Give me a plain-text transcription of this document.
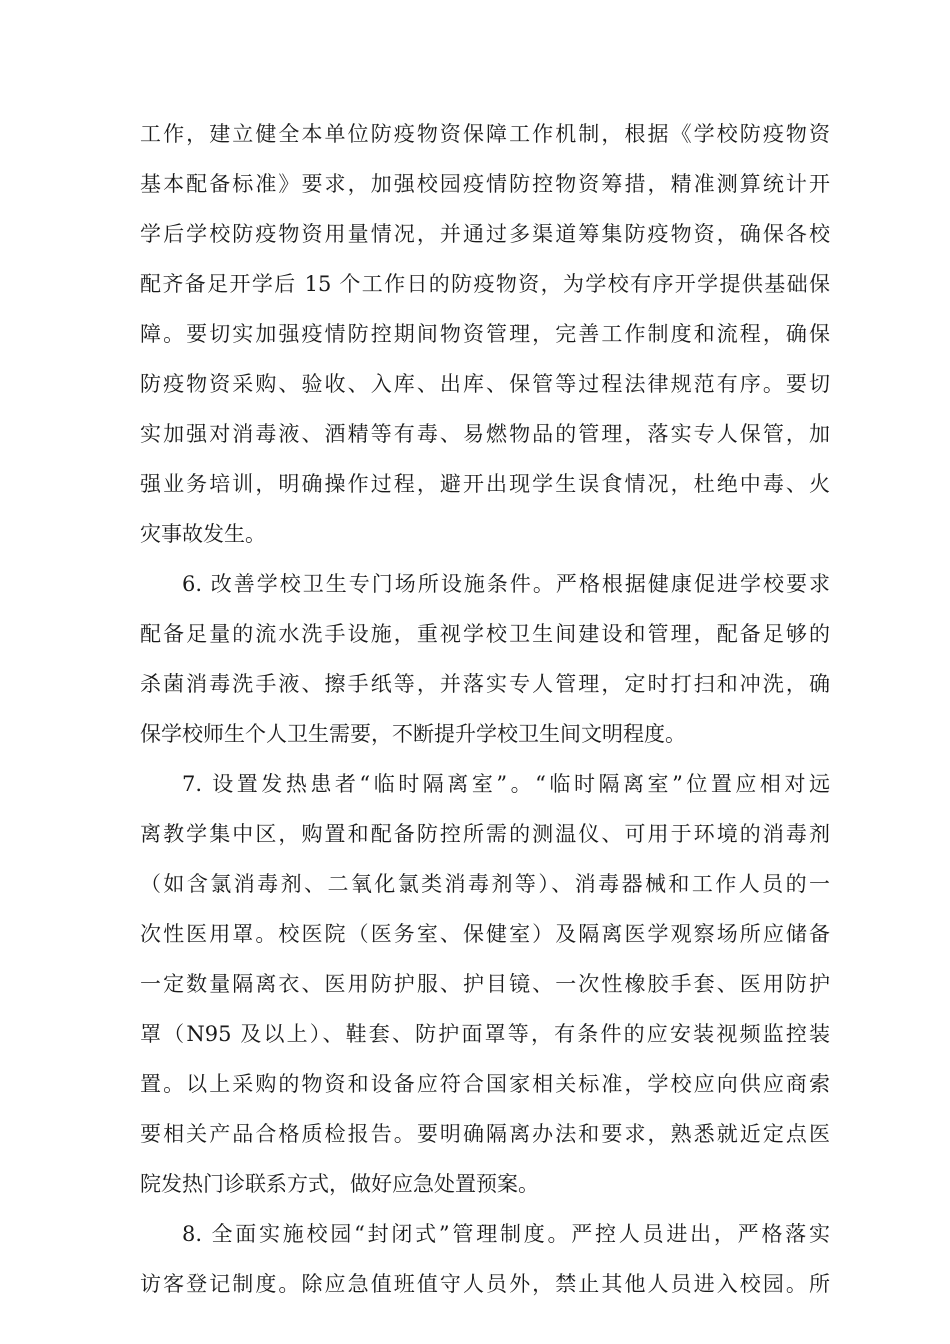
工作，建立健全本单位防疫物资保障工作机制，根据《学校防疫物资
基本配备标准》要求，加强校园疫情防控物资筹措，精准测算统计开
学后学校防疫物资用量情况，并通过多渠道筹集防疫物资，确保各校
配齐备足开学后 15 个工作日的防疫物资，为学校有序开学提供基础保
障。要切实加强疫情防控期间物资管理，完善工作制度和流程，确保
防疫物资采购、验收、入库、出库、保管等过程法律规范有序。要切
实加强对消毒液、酒精等有毒、易燃物品的管理，落实专人保管，加
强业务培训，明确操作过程，避开出现学生误食情况，杜绝中毒、火
灾事故发生。
6. 改善学校卫生专门场所设施条件。严格根据健康促进学校要求
配备足量的流水洗手设施，重视学校卫生间建设和管理，配备足够的
杀菌消毒洗手液、擦手纸等，并落实专人管理，定时打扫和冲洗，确
保学校师生个人卫生需要，不断提升学校卫生间文明程度。
7. 设置发热患者“临时隔离室”。“临时隔离室”位置应相对远
离教学集中区，购置和配备防控所需的测温仪、可用于环境的消毒剂
（如含氯消毒剂、二氧化氯类消毒剂等）、消毒器械和工作人员的一
次性医用罩。校医院（医务室、保健室）及隔离医学观察场所应储备
一定数量隔离衣、医用防护服、护目镜、一次性橡胶手套、医用防护
罩（N95 及以上）、鞋套、防护面罩等，有条件的应安装视频监控装
置。以上采购的物资和设备应符合国家相关标准，学校应向供应商索
要相关产品合格质检报告。要明确隔离办法和要求，熟悉就近定点医
院发热门诊联系方式，做好应急处置预案。
8. 全面实施校园“封闭式”管理制度。严控人员进出，严格落实
访客登记制度。除应急值班值守人员外，禁止其他人员进入校园。所
